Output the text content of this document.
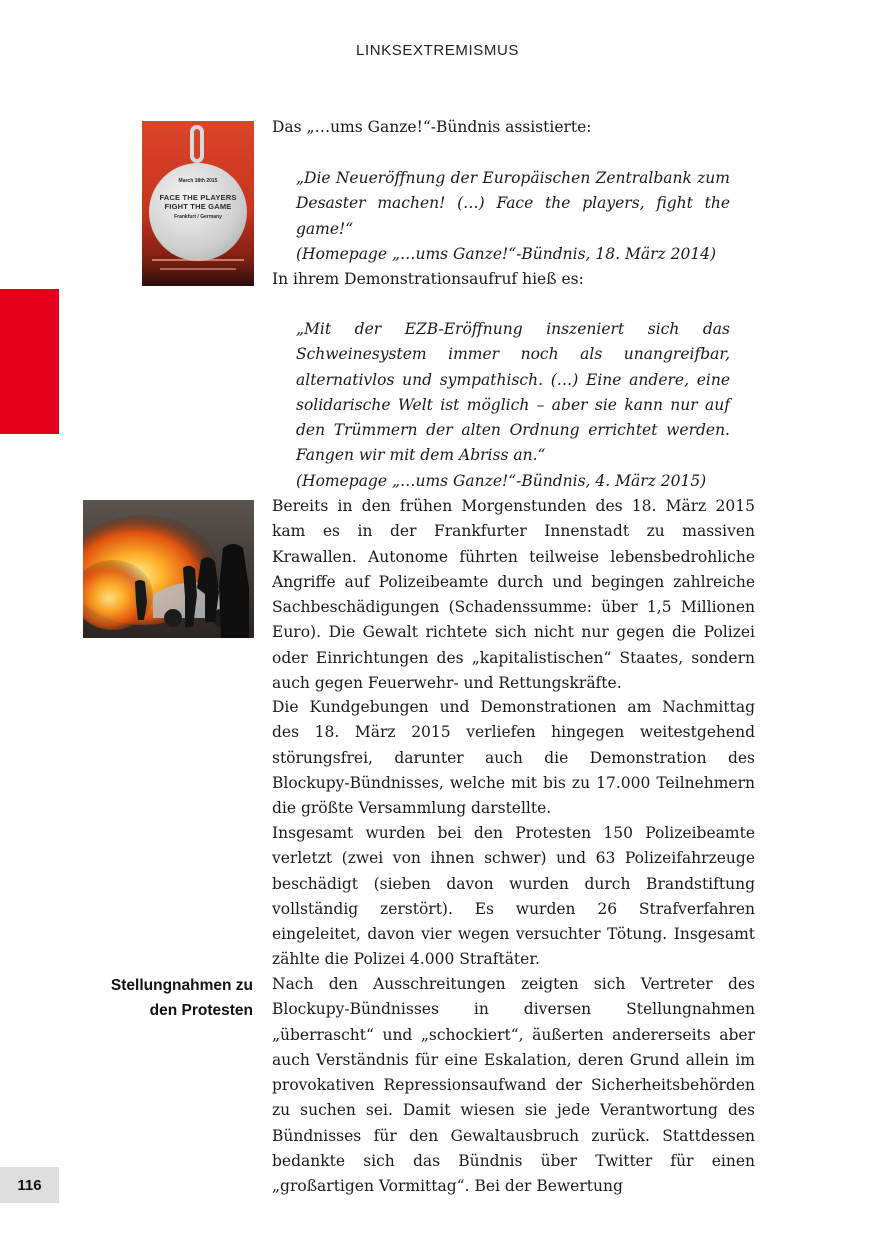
LINKSEXTREMISMUS
March 18th 2015
FACE THE PLAYERS
FIGHT THE GAME
Frankfurt / Germany
Das „…ums Ganze!“-Bündnis assistierte:
„Die Neueröffnung der Europäischen Zentralbank zum Desaster machen! (…) Face the players, fight the game!“
(Homepage „…ums Ganze!“-Bündnis, 18. März 2014)
In ihrem Demonstrationsaufruf hieß es:
„Mit der EZB-Eröffnung inszeniert sich das Schweinesystem immer noch als unangreifbar, alternativlos und sympathisch. (…) Eine andere, eine solidarische Welt ist möglich – aber sie kann nur auf den Trümmern der alten Ordnung errichtet werden. Fangen wir mit dem Abriss an.“
(Homepage „…ums Ganze!“-Bündnis, 4. März 2015)
Bereits in den frühen Morgenstunden des 18. März 2015 kam es in der Frankfurter Innenstadt zu massiven Krawallen. Autonome führten teilweise lebensbedrohliche Angriffe auf Polizeibeamte durch und begingen zahlreiche Sachbeschädigungen (Schadenssumme: über 1,5 Millionen Euro). Die Gewalt richtete sich nicht nur gegen die Polizei oder Einrichtungen des „kapitalistischen“ Staates, sondern auch gegen Feuerwehr- und Rettungskräfte.
Die Kundgebungen und Demonstrationen am Nachmittag des 18. März 2015 verliefen hingegen weitestgehend störungsfrei, darunter auch die Demonstration des Blockupy-Bündnisses, welche mit bis zu 17.000 Teilnehmern die größte Versammlung darstellte.
Insgesamt wurden bei den Protesten 150 Polizeibeamte verletzt (zwei von ihnen schwer) und 63 Polizeifahrzeuge beschädigt (sieben davon wurden durch Brandstiftung vollständig zerstört). Es wurden 26 Strafverfahren eingeleitet, davon vier wegen versuchter Tötung. Insgesamt zählte die Polizei 4.000 Straftäter.
Stellungnahmen zu
den Protesten
Nach den Ausschreitungen zeigten sich Vertreter des Blockupy-Bündnisses in diversen Stellungnahmen „überrascht“ und „schockiert“, äußerten andererseits aber auch Verständnis für eine Eskalation, deren Grund allein im provokativen Repressionsaufwand der Sicherheitsbehörden zu suchen sei. Damit wiesen sie jede Verantwortung des Bündnisses für den Gewaltausbruch zurück. Stattdessen bedankte sich das Bündnis über Twitter für einen „großartigen Vormittag“. Bei der Bewertung
116
